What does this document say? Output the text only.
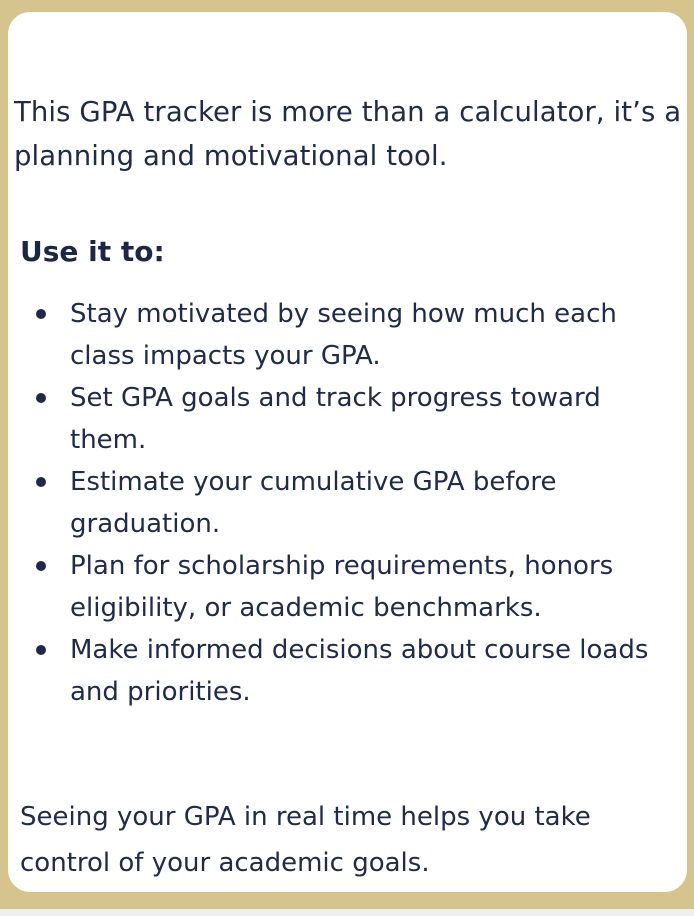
This GPA tracker is more than a calculator, it’s a planning and motivational tool.

Use it to:
Stay motivated by seeing how much each class impacts your GPA.
Set GPA goals and track progress toward them.
Estimate your cumulative GPA before graduation.
Plan for scholarship requirements, honors eligibility, or academic benchmarks.
Make informed decisions about course loads and priorities.

Seeing your GPA in real time helps you take control of your academic goals.
